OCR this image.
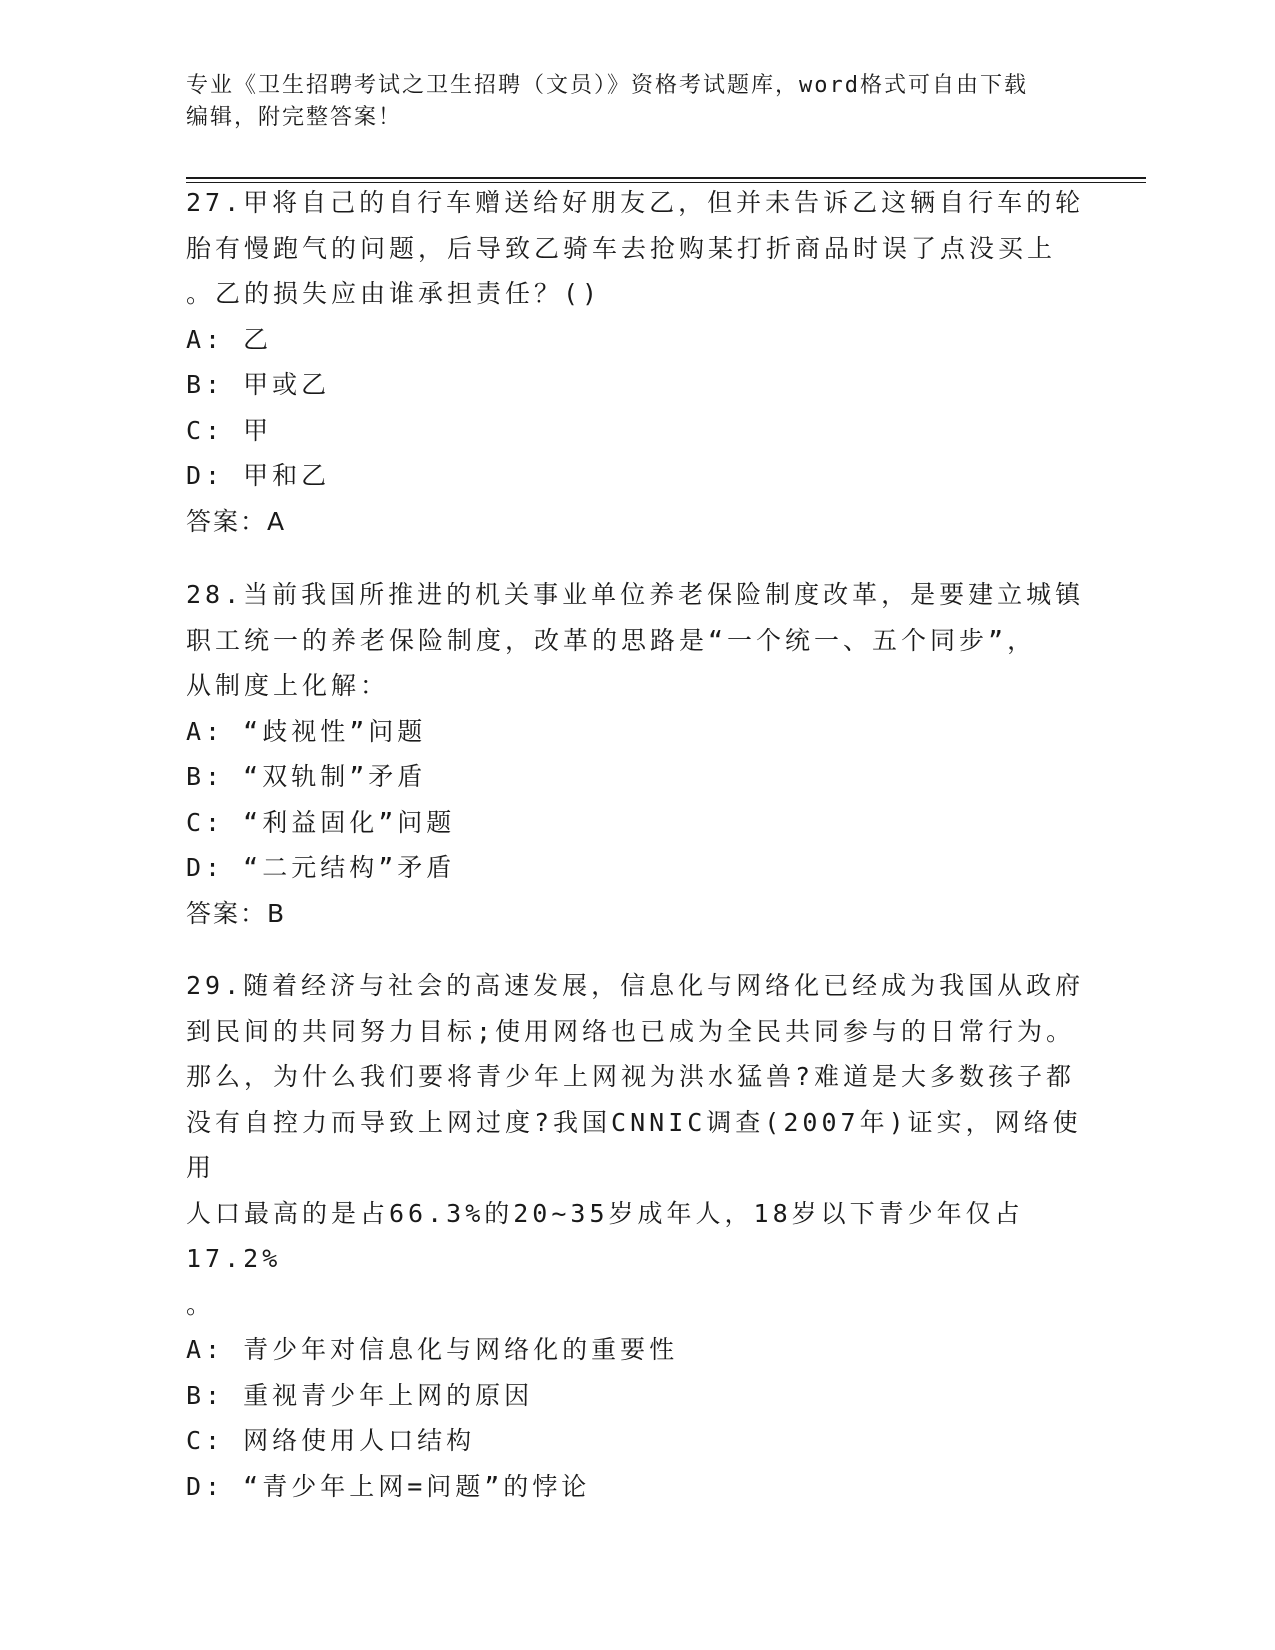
专业《卫生招聘考试之卫生招聘（文员）》资格考试题库，word格式可自由下载
编辑，附完整答案！

27.甲将自己的自行车赠送给好朋友乙，但并未告诉乙这辆自行车的轮
胎有慢跑气的问题，后导致乙骑车去抢购某打折商品时误了点没买上
。乙的损失应由谁承担责任？()

A: 乙

B: 甲或乙

C: 甲

D: 甲和乙

答案：A

28.当前我国所推进的机关事业单位养老保险制度改革，是要建立城镇
职工统一的养老保险制度，改革的思路是“一个统一、五个同步”，
从制度上化解：

A: “歧视性”问题

B: “双轨制”矛盾

C: “利益固化”问题

D: “二元结构”矛盾

答案：B

29.随着经济与社会的高速发展，信息化与网络化已经成为我国从政府
到民间的共同努力目标;使用网络也已成为全民共同参与的日常行为。
那么，为什么我们要将青少年上网视为洪水猛兽?难道是大多数孩子都
没有自控力而导致上网过度?我国CNNIC调查(2007年)证实，网络使用
人口最高的是占66.3%的20~35岁成年人，18岁以下青少年仅占17.2%
。

A: 青少年对信息化与网络化的重要性

B: 重视青少年上网的原因

C: 网络使用人口结构

D: “青少年上网=问题”的悖论
